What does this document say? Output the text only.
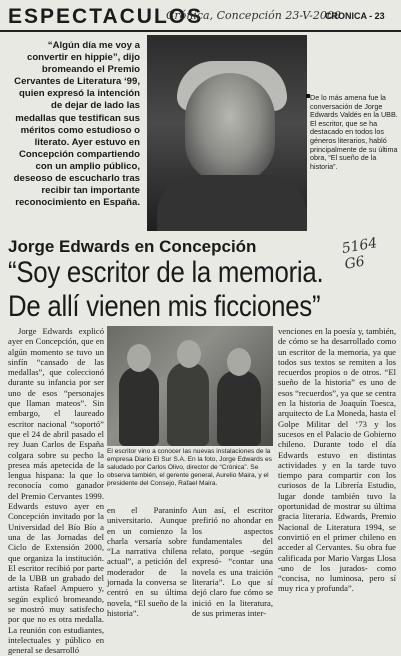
ESPECTACULOS
Crónica, Concepción 23-V-2000
CRONICA - 23
“Algún día me voy a convertir en hippie”, dijo bromeando el Premio Cervantes de Literatura ‘99, quien expresó la intención de dejar de lado las medallas que testifican sus méritos como estudioso o literato. Ayer estuvo en Concepción compartiendo con un amplio público, deseoso de escucharlo tras recibir tan importante reconocimiento en España.
De lo más amena fue la conversación de Jorge Edwards Valdés en la UBB. El escritor, que se ha destacado en todos los géneros literarios, habló principalmente de su última obra, “El sueño de la historia”.
5164 G6
Jorge Edwards en Concepción
“Soy escritor de la memoria.
De allí vienen mis ficciones”

Jorge Edwards explicó ayer en Concepción, que en algún momento se tuvo un sinfín “cansado de las medallas”, que coleccionó durante su infancia por ser uno de esos “personajes que llaman mateos”. Sin embargo, el laureado escritor nacional “soportó” que el 24 de abril pasado el rey Juan Carlos de España colgara sobre su pecho la presea más apetecida de la lengua hispana: la que lo reconocía como ganador del Premio Cervantes 1999. Edwards estuvo ayer en Concepción invitado por la Universidad del Bío Bío a una de las Jornadas del Ciclo de Extensión 2000, que organiza la institución. El escritor recibió por parte de la UBB un grabado del artista Rafael Ampuero y, según explicó bromeando, se mostró muy satisfecho por que no es otra medalla. La reunión con estudiantes, intelectuales y público en general se desarrolló

El escritor vino a conocer las nuevas instalaciones de la empresa Diario El Sur S.A. En la foto, Jorge Edwards es saludado por Carlos Olivo, director de “Crónica”. Se observa también, el gerente general, Aurelio Maira, y el presidente del Consejo, Rafael Maira.

en el Paraninfo universitario. Aunque en un comienzo la charla versaría sobre “La narrativa chilena actual”, a petición del moderador de la jornada la conversa se centró en su última novela, “El sueño de la historia”.

Aun así, el escritor prefirió no ahondar en los aspectos fundamentales del relato, porque -según expresó- “contar una novela es una traición literaria”. Lo que sí dejó claro fue cómo se inició en la literatura, de sus primeras inter-

venciones en la poesía y, también, de cómo se ha desarrollado como un escritor de la memoria, ya que todos sus textos se remiten a los recuerdos propios o de otros. “El sueño de la historia” es uno de esos “recuerdos”, ya que se centra en la historia de Joaquín Toesca, arquitecto de La Moneda, hasta el Golpe Militar del ‘73 y los sucesos en el Palacio de Gobierno chileno. Durante todo el día Edwards estuvo en distintas actividades y en la tarde tuvo tiempo para compartir con los curiosos de la Librería Estudio, lugar donde también tuvo la oportunidad de mostrar su última gracia literaria. Edwards, Premio Nacional de Literatura 1994, se convirtió en el primer chileno en acceder al Cervantes. Su obra fue calificada por Mario Vargas Llosa -uno de los jurados- como “concisa, no luminosa, pero sí muy rica y profunda”.
